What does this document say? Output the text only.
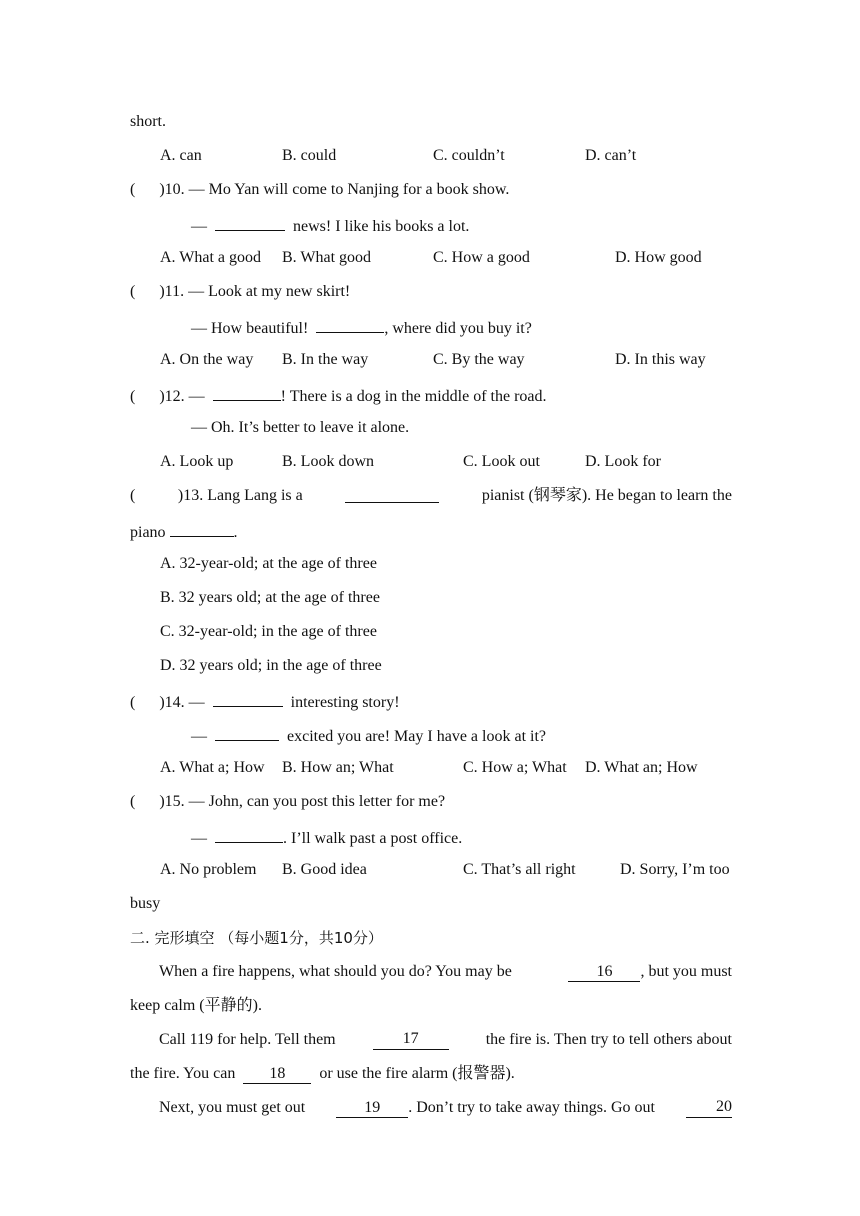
short.
A. can	B. could	C. couldn’t	D. can’t
( )10. — Mo Yan will come to Nanjing for a book show.
—	news! I like his books a lot.
A. What a good B. What good	C. How a good	D. How good
( )11. — Look at my new skirt!
— How beautiful!	, where did you buy it?
A. On the way B. In the way	C. By the way	D. In this way
( )12. —	! There is a dog in the middle of the road.
— Oh. It’s better to leave it alone.
A. Look up	B. Look down	C. Look out	D. Look for
(	)13. Lang Lang is a	pianist (钢琴家). He began to learn the
piano	.
A. 32-year-old; at the age of three
B. 32 years old; at the age of three
C. 32-year-old; in the age of three
D. 32 years old; in the age of three
( )14. —	interesting story!
—	excited you are! May I have a look at it?
A. What a; How B. How an; What	C. How a; What D. What an; How
( )15. — John, can you post this letter for me?
—	. I’ll walk past a post office.
A. No problem B. Good idea	C. That’s all right	D. Sorry, I’m too
busy
二. 完形填空 （每小题1分，共10分）
When a fire happens, what should you do? You may be	16 , but you must
keep calm (平静的).
Call 119 for help. Tell them	17	the fire is. Then try to tell others about
the fire. You can 18 or use the fire alarm (报警器).
Next, you must get out	19 . Don’t try to take away things. Go out	20
